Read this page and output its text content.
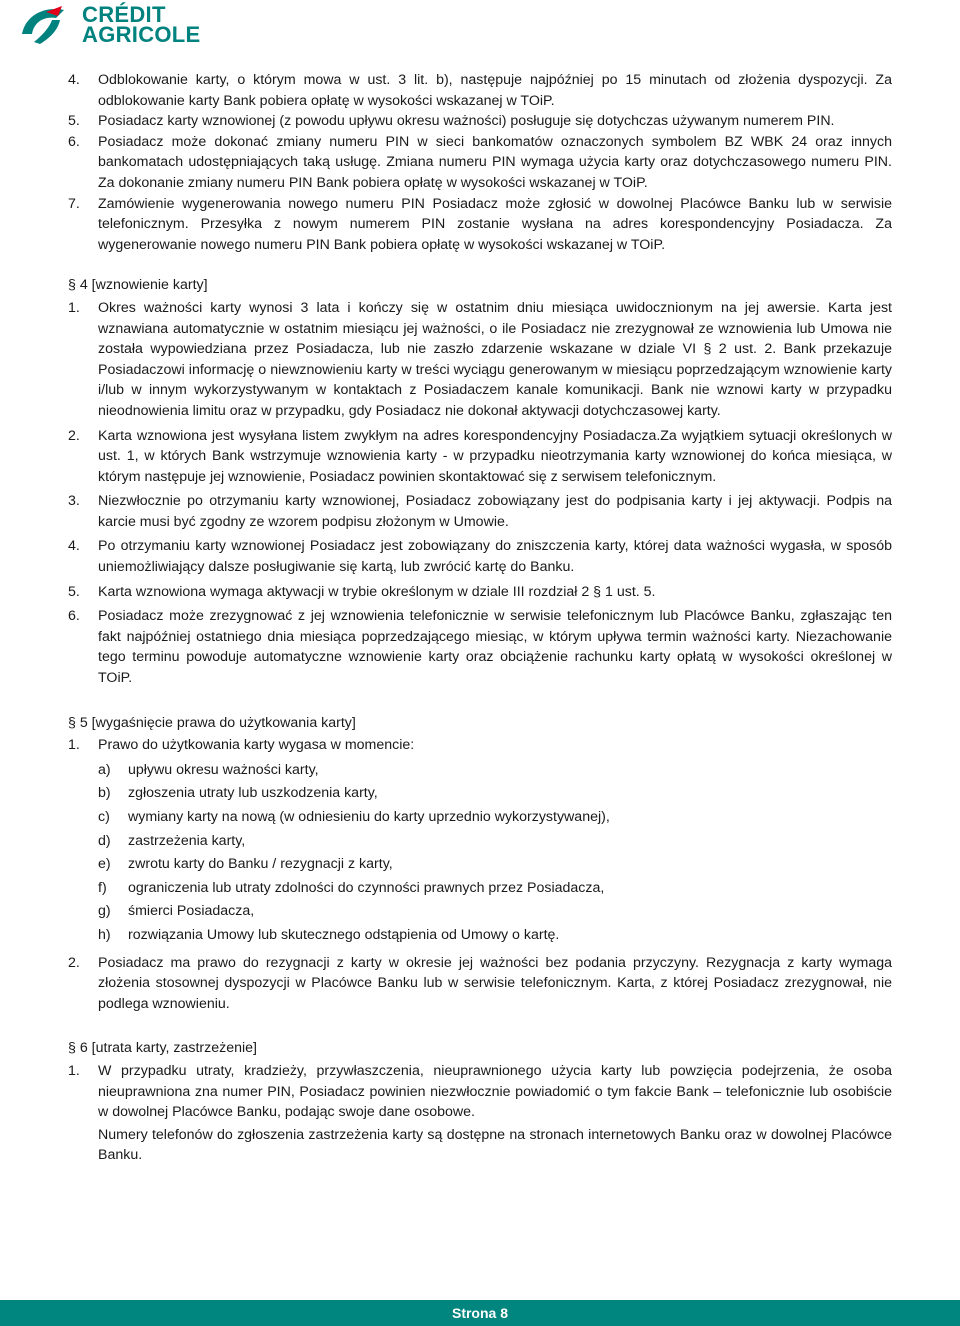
CRÉDIT
AGRICOLE
4.	Odblokowanie karty, o którym mowa w ust. 3 lit. b), następuje najpóźniej po 15 minutach od złożenia dyspozycji. Za odblokowanie karty Bank pobiera opłatę w wysokości wskazanej w TOiP.
5.	Posiadacz karty wznowionej (z powodu upływu okresu ważności) posługuje się dotychczas używanym numerem PIN.
6.	Posiadacz może dokonać zmiany numeru PIN w sieci bankomatów oznaczonych symbolem BZ WBK 24 oraz innych bankomatach udostępniających taką usługę. Zmiana numeru PIN wymaga użycia karty oraz dotychczasowego numeru PIN. Za dokonanie zmiany numeru PIN Bank pobiera opłatę w wysokości wskazanej w TOiP.
7.	Zamówienie wygenerowania nowego numeru PIN Posiadacz może zgłosić w dowolnej Placówce Banku lub w serwisie telefonicznym. Przesyłka z nowym numerem PIN zostanie wysłana na adres korespondencyjny Posiadacza. Za wygenerowanie nowego numeru PIN Bank pobiera opłatę w wysokości wskazanej w TOiP.
§ 4 [wznowienie karty]
1.	Okres ważności karty wynosi 3 lata i kończy się w ostatnim dniu miesiąca uwidocznionym na jej awersie. Karta jest wznawiana automatycznie w ostatnim miesiącu jej ważności, o ile Posiadacz nie zrezygnował ze wznowienia lub Umowa nie została wypowiedziana przez Posiadacza, lub nie zaszło zdarzenie wskazane w dziale VI § 2 ust. 2. Bank przekazuje Posiadaczowi informację o niewznowieniu karty w treści wyciągu generowanym w miesiącu poprzedzającym wznowienie karty i/lub w innym wykorzystywanym w kontaktach z Posiadaczem kanale komunikacji. Bank nie wznowi karty w przypadku nieodnowienia limitu oraz w przypadku, gdy Posiadacz nie dokonał aktywacji dotychczasowej karty.
2.	Karta wznowiona jest wysyłana listem zwykłym na adres korespondencyjny Posiadacza.Za wyjątkiem sytuacji określonych w ust. 1, w których Bank wstrzymuje wznowienia karty - w przypadku nieotrzymania karty wznowionej do końca miesiąca, w którym następuje jej wznowienie, Posiadacz powinien skontaktować się z serwisem telefonicznym.
3.	Niezwłocznie po otrzymaniu karty wznowionej, Posiadacz zobowiązany jest do podpisania karty i jej aktywacji. Podpis na karcie musi być zgodny ze wzorem podpisu złożonym w Umowie.
4.	Po otrzymaniu karty wznowionej Posiadacz jest zobowiązany do zniszczenia karty, której data ważności wygasła, w sposób uniemożliwiający dalsze posługiwanie się kartą, lub zwrócić kartę do Banku.
5.	Karta wznowiona wymaga aktywacji w trybie określonym w dziale III rozdział 2 § 1 ust. 5.
6.	Posiadacz może zrezygnować z jej wznowienia telefonicznie w serwisie telefonicznym lub Placówce Banku, zgłaszając ten fakt najpóźniej ostatniego dnia miesiąca poprzedzającego miesiąc, w którym upływa termin ważności karty. Niezachowanie tego terminu powoduje automatyczne wznowienie karty oraz obciążenie rachunku karty opłatą w wysokości określonej w TOiP.
§ 5 [wygaśnięcie prawa do użytkowania karty]
1.	Prawo do użytkowania karty wygasa w momencie:
a)	upływu okresu ważności karty,
b)	zgłoszenia utraty lub uszkodzenia karty,
c)	wymiany karty na nową (w odniesieniu do karty uprzednio wykorzystywanej),
d)	zastrzeżenia karty,
e)	zwrotu karty do Banku / rezygnacji z karty,
f)	ograniczenia lub utraty zdolności do czynności prawnych przez Posiadacza,
g)	śmierci Posiadacza,
h)	rozwiązania Umowy lub skutecznego odstąpienia od Umowy o kartę.
2.	Posiadacz ma prawo do rezygnacji z karty w okresie jej ważności bez podania przyczyny. Rezygnacja z karty wymaga złożenia stosownej dyspozycji w Placówce Banku lub w serwisie telefonicznym. Karta, z której Posiadacz zrezygnował, nie podlega wznowieniu.
§ 6 [utrata karty, zastrzeżenie]
1.	W przypadku utraty, kradzieży, przywłaszczenia, nieuprawnionego użycia karty lub powzięcia podejrzenia, że osoba nieuprawniona zna numer PIN, Posiadacz powinien niezwłocznie powiadomić o tym fakcie Bank – telefonicznie lub osobiście w dowolnej Placówce Banku, podając swoje dane osobowe.
Numery telefonów do zgłoszenia zastrzeżenia karty są dostępne na stronach internetowych Banku oraz w dowolnej Placówce Banku.
Strona 8
